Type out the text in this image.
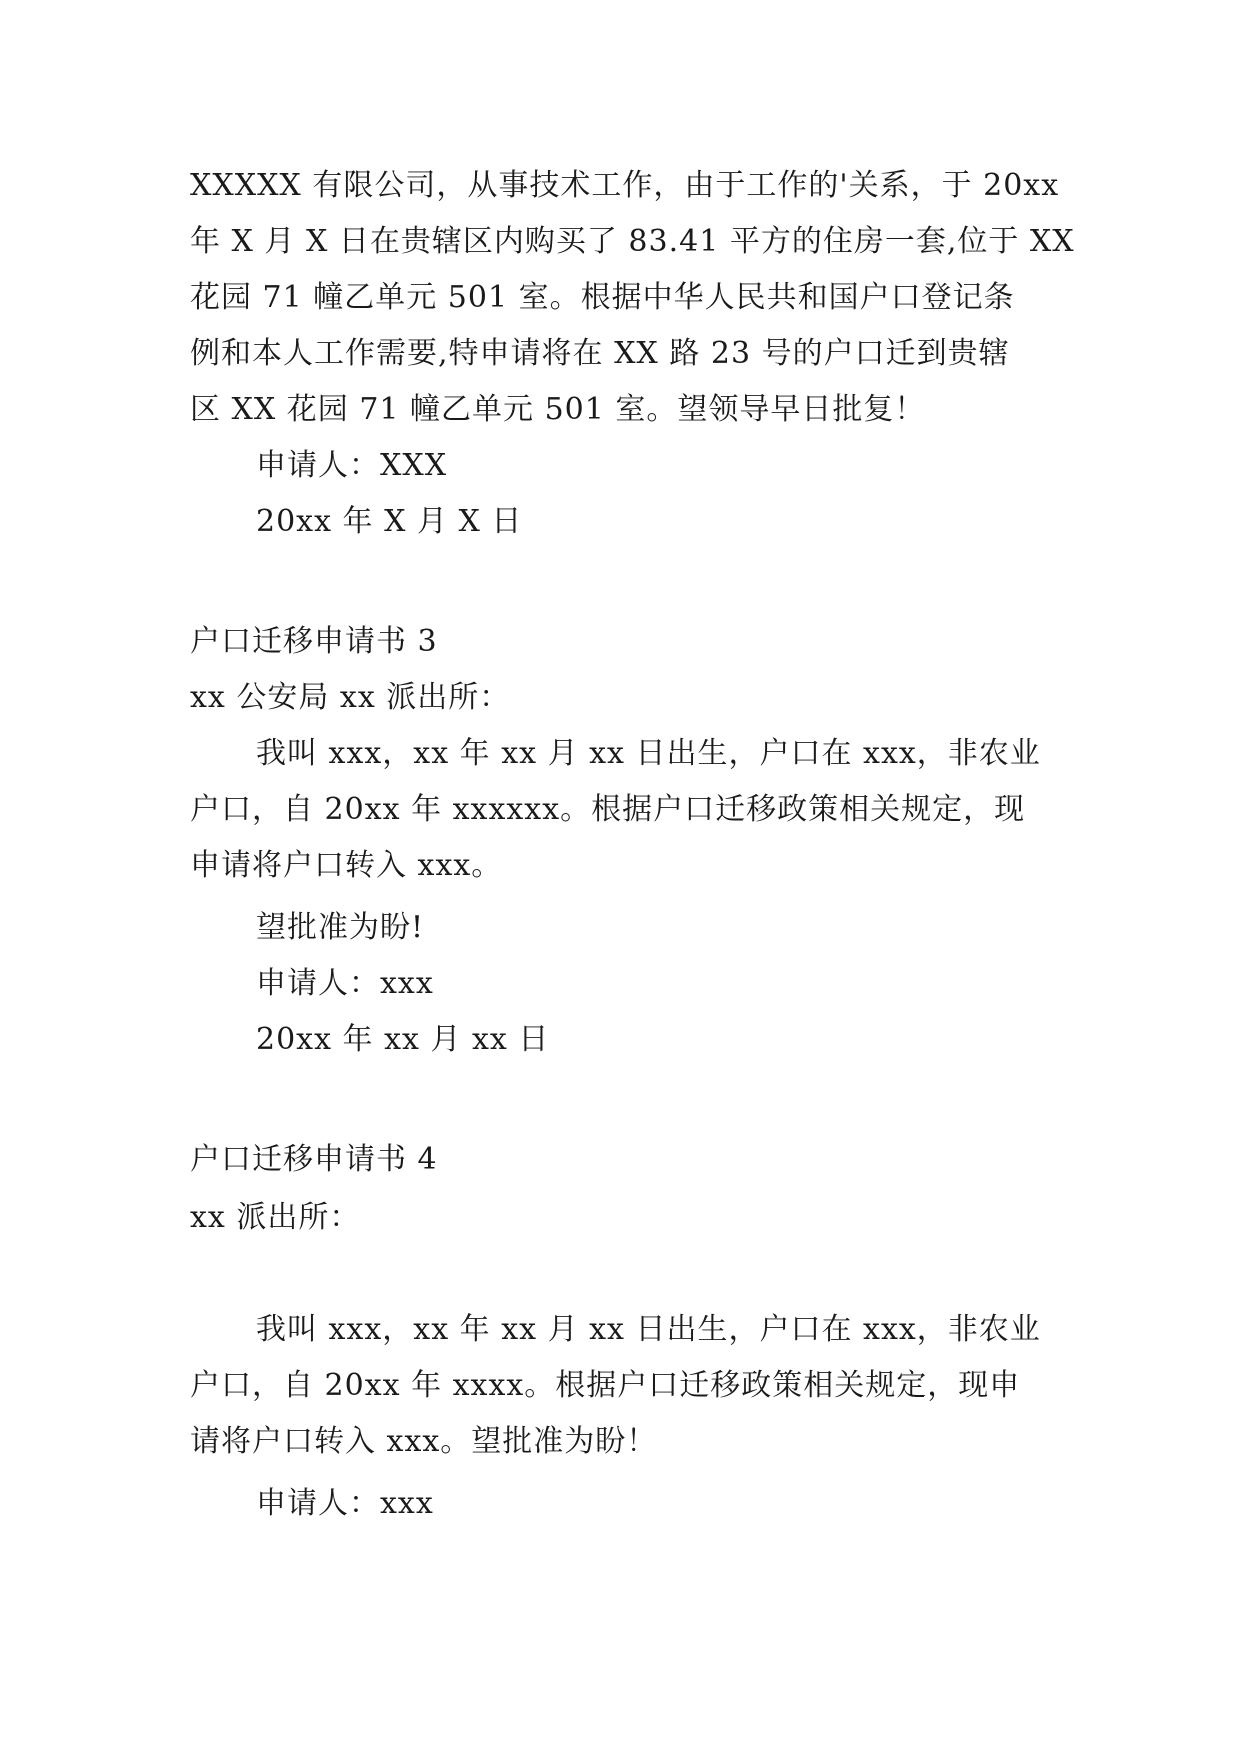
XXXXX 有限公司，从事技术工作，由于工作的'关系，于 20xx
年 X 月 X 日在贵辖区内购买了 83.41 平方的住房一套,位于 XX
花园 71 幢乙单元 501 室。根据中华人民共和国户口登记条
例和本人工作需要,特申请将在 XX 路 23 号的户口迁到贵辖
区 XX 花园 71 幢乙单元 501 室。望领导早日批复！
申请人：XXX
20xx 年 X 月 X 日
户口迁移申请书 3
xx 公安局 xx 派出所：
我叫 xxx，xx 年 xx 月 xx 日出生，户口在 xxx，非农业
户口，自 20xx 年 xxxxxx。根据户口迁移政策相关规定，现
申请将户口转入 xxx。
望批准为盼!
申请人：xxx
20xx 年 xx 月 xx 日
户口迁移申请书 4
xx 派出所：
我叫 xxx，xx 年 xx 月 xx 日出生，户口在 xxx，非农业
户口，自 20xx 年 xxxx。根据户口迁移政策相关规定，现申
请将户口转入 xxx。望批准为盼！
申请人：xxx
